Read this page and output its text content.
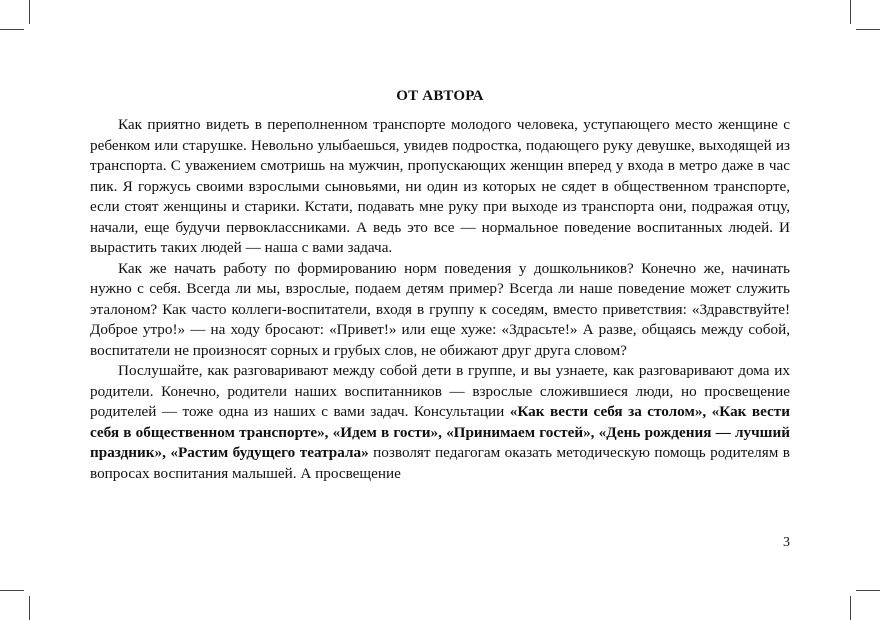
ОТ АВТОРА

Как приятно видеть в переполненном транспорте молодого человека, уступающего место женщине с ребенком или старушке. Невольно улыбаешься, увидев подростка, подающего руку девушке, выходящей из транспорта. С уважением смотришь на мужчин, пропускающих женщин вперед у входа в метро даже в час пик. Я горжусь своими взрослыми сыновьями, ни один из которых не сядет в общественном транспорте, если стоят женщины и старики. Кстати, подавать мне руку при выходе из транспорта они, подражая отцу, начали, еще будучи первоклассниками. А ведь это все — нормальное поведение воспитанных людей. И вырастить таких людей — наша с вами задача.

Как же начать работу по формированию норм поведения у дошкольников? Конечно же, начинать нужно с себя. Всегда ли мы, взрослые, подаем детям пример? Всегда ли наше поведение может служить эталоном? Как часто коллеги-воспитатели, входя в группу к соседям, вместо приветствия: «Здравствуйте! Доброе утро!» — на ходу бросают: «Привет!» или еще хуже: «Здрасьте!» А разве, общаясь между собой, воспитатели не произносят сорных и грубых слов, не обижают друг друга словом?

Послушайте, как разговаривают между собой дети в группе, и вы узнаете, как разговаривают дома их родители. Конечно, родители наших воспитанников — взрослые сложившиеся люди, но просвещение родителей — тоже одна из наших с вами задач. Консультации «Как вести себя за столом», «Как вести себя в общественном транспорте», «Идем в гости», «Принимаем гостей», «День рождения — лучший праздник», «Растим будущего театрала» позволят педагогам оказать методическую помощь родителям в вопросах воспитания малышей. А просвещение

3
